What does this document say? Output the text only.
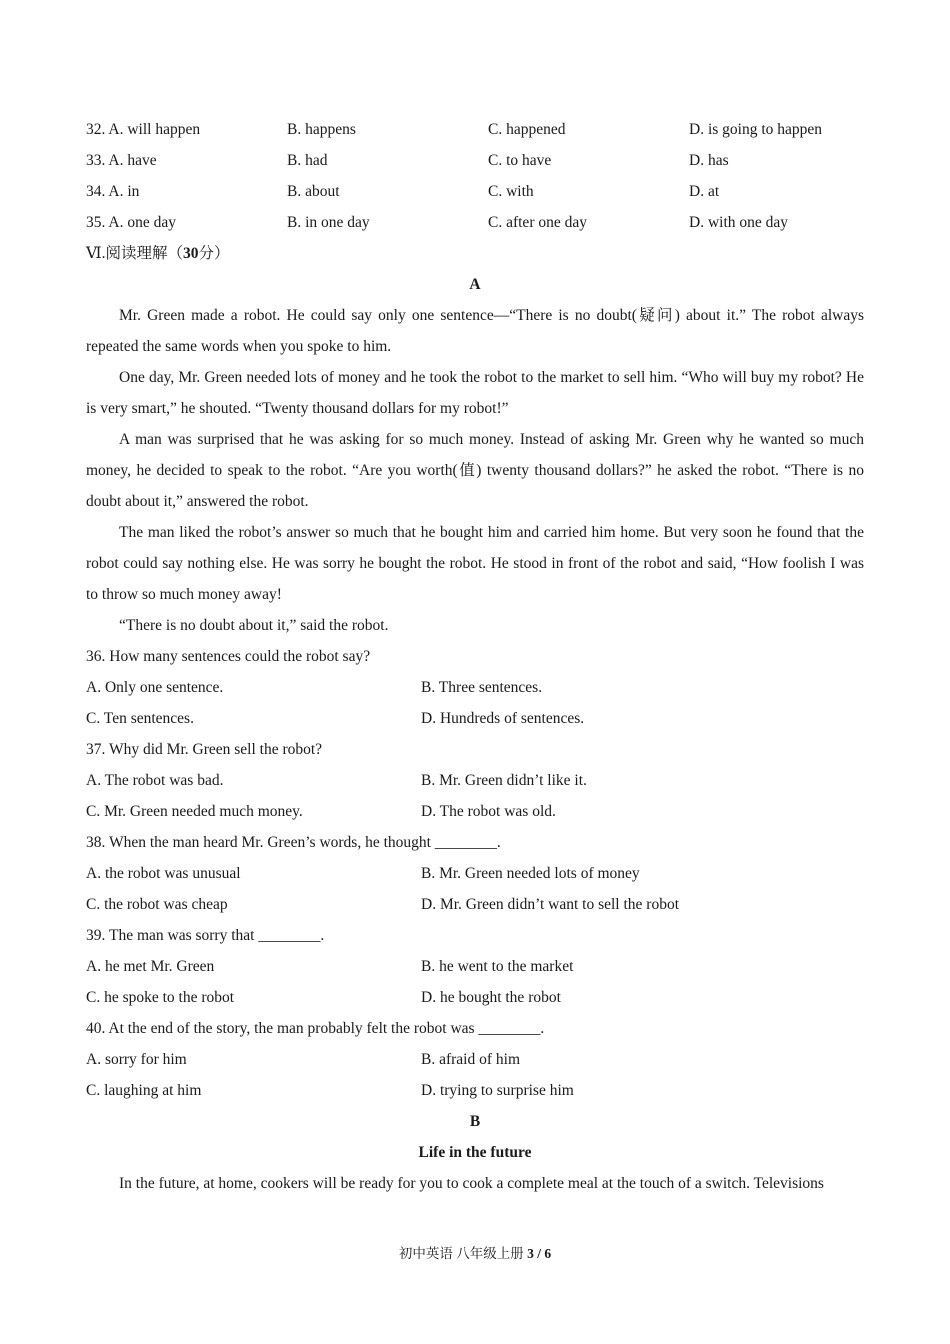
32. A. will happen	B. happens	C. happened	D. is going to happen
33. A. have	B. had	C. to have	D. has
34. A. in	B. about	C. with	D. at
35. A. one day	B. in one day	C. after one day	D. with one day
Ⅵ.阅读理解（30分）
A
Mr. Green made a robot. He could say only one sentence—“There is no doubt(疑问) about it.” The robot always repeated the same words when you spoke to him.
One day, Mr. Green needed lots of money and he took the robot to the market to sell him. “Who will buy my robot? He is very smart,” he shouted. “Twenty thousand dollars for my robot!”
A man was surprised that he was asking for so much money. Instead of asking Mr. Green why he wanted so much money, he decided to speak to the robot. “Are you worth(值) twenty thousand dollars?” he asked the robot. “There is no doubt about it,” answered the robot.
The man liked the robot’s answer so much that he bought him and carried him home. But very soon he found that the robot could say nothing else. He was sorry he bought the robot. He stood in front of the robot and said, “How foolish I was to throw so much money away!
“There is no doubt about it,” said the robot.
36. How many sentences could the robot say?
A. Only one sentence.	B. Three sentences.
C. Ten sentences.	D. Hundreds of sentences.
37. Why did Mr. Green sell the robot?
A. The robot was bad.	B. Mr. Green didn’t like it.
C. Mr. Green needed much money.	D. The robot was old.
38. When the man heard Mr. Green’s words, he thought ________.
A. the robot was unusual	B. Mr. Green needed lots of money
C. the robot was cheap	D. Mr. Green didn’t want to sell the robot
39. The man was sorry that ________.
A. he met Mr. Green	B. he went to the market
C. he spoke to the robot	D. he bought the robot
40. At the end of the story, the man probably felt the robot was ________.
A. sorry for him	B. afraid of him
C. laughing at him	D. trying to surprise him
B
Life in the future
In the future, at home, cookers will be ready for you to cook a complete meal at the touch of a switch. Televisions
初中英语 八年级上册 3 / 6
